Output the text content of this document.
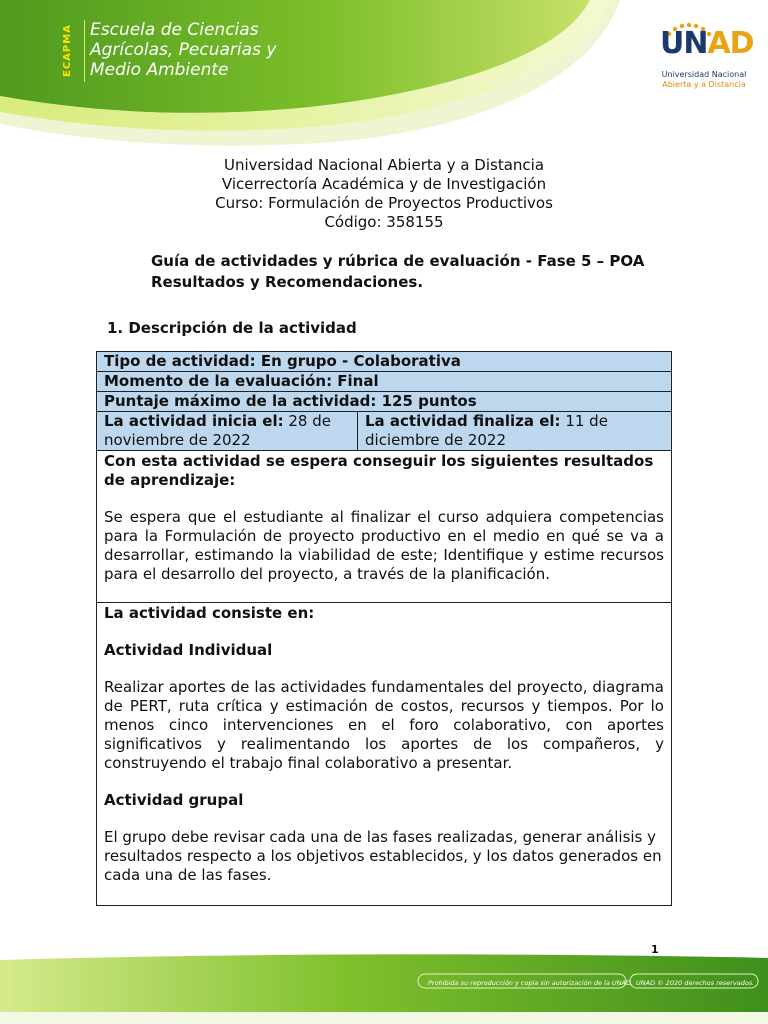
ECAPMA	Escuela de Ciencias
Agrícolas, Pecuarias y
Medio Ambiente
UNAD
Universidad Nacional
Abierta y a Distancia
Universidad Nacional Abierta y a Distancia
Vicerrectoría Académica y de Investigación
Curso: Formulación de Proyectos Productivos
Código: 358155
Guía de actividades y rúbrica de evaluación - Fase 5 – POA
Resultados y Recomendaciones.
1. Descripción de la actividad
Tipo de actividad: En grupo - Colaborativa
Momento de la evaluación: Final
Puntaje máximo de la actividad: 125 puntos
La actividad inicia el: 28 de noviembre de 2022	La actividad finaliza el: 11 de diciembre de 2022

Con esta actividad se espera conseguir los siguientes resultados de aprendizaje:
Se espera que el estudiante al finalizar el curso adquiera competencias para la Formulación de proyecto productivo en el medio en qué se va a desarrollar, estimando la viabilidad de este; Identifique y estime recursos para el desarrollo del proyecto, a través de la planificación.

La actividad consiste en:
Actividad Individual
Realizar aportes de las actividades fundamentales del proyecto, diagrama de PERT, ruta crítica y estimación de costos, recursos y tiempos. Por lo menos cinco intervenciones en el foro colaborativo, con aportes significativos y realimentando los aportes de los compañeros, y construyendo el trabajo final colaborativo a presentar.
Actividad grupal
El grupo debe revisar cada una de las fases realizadas, generar análisis y resultados respecto a los objetivos establecidos, y los datos generados en cada una de las fases.
1
Prohibida su reproducción y copia sin autorización de la UNAD. UNAD © 2020 derechos reservados.
